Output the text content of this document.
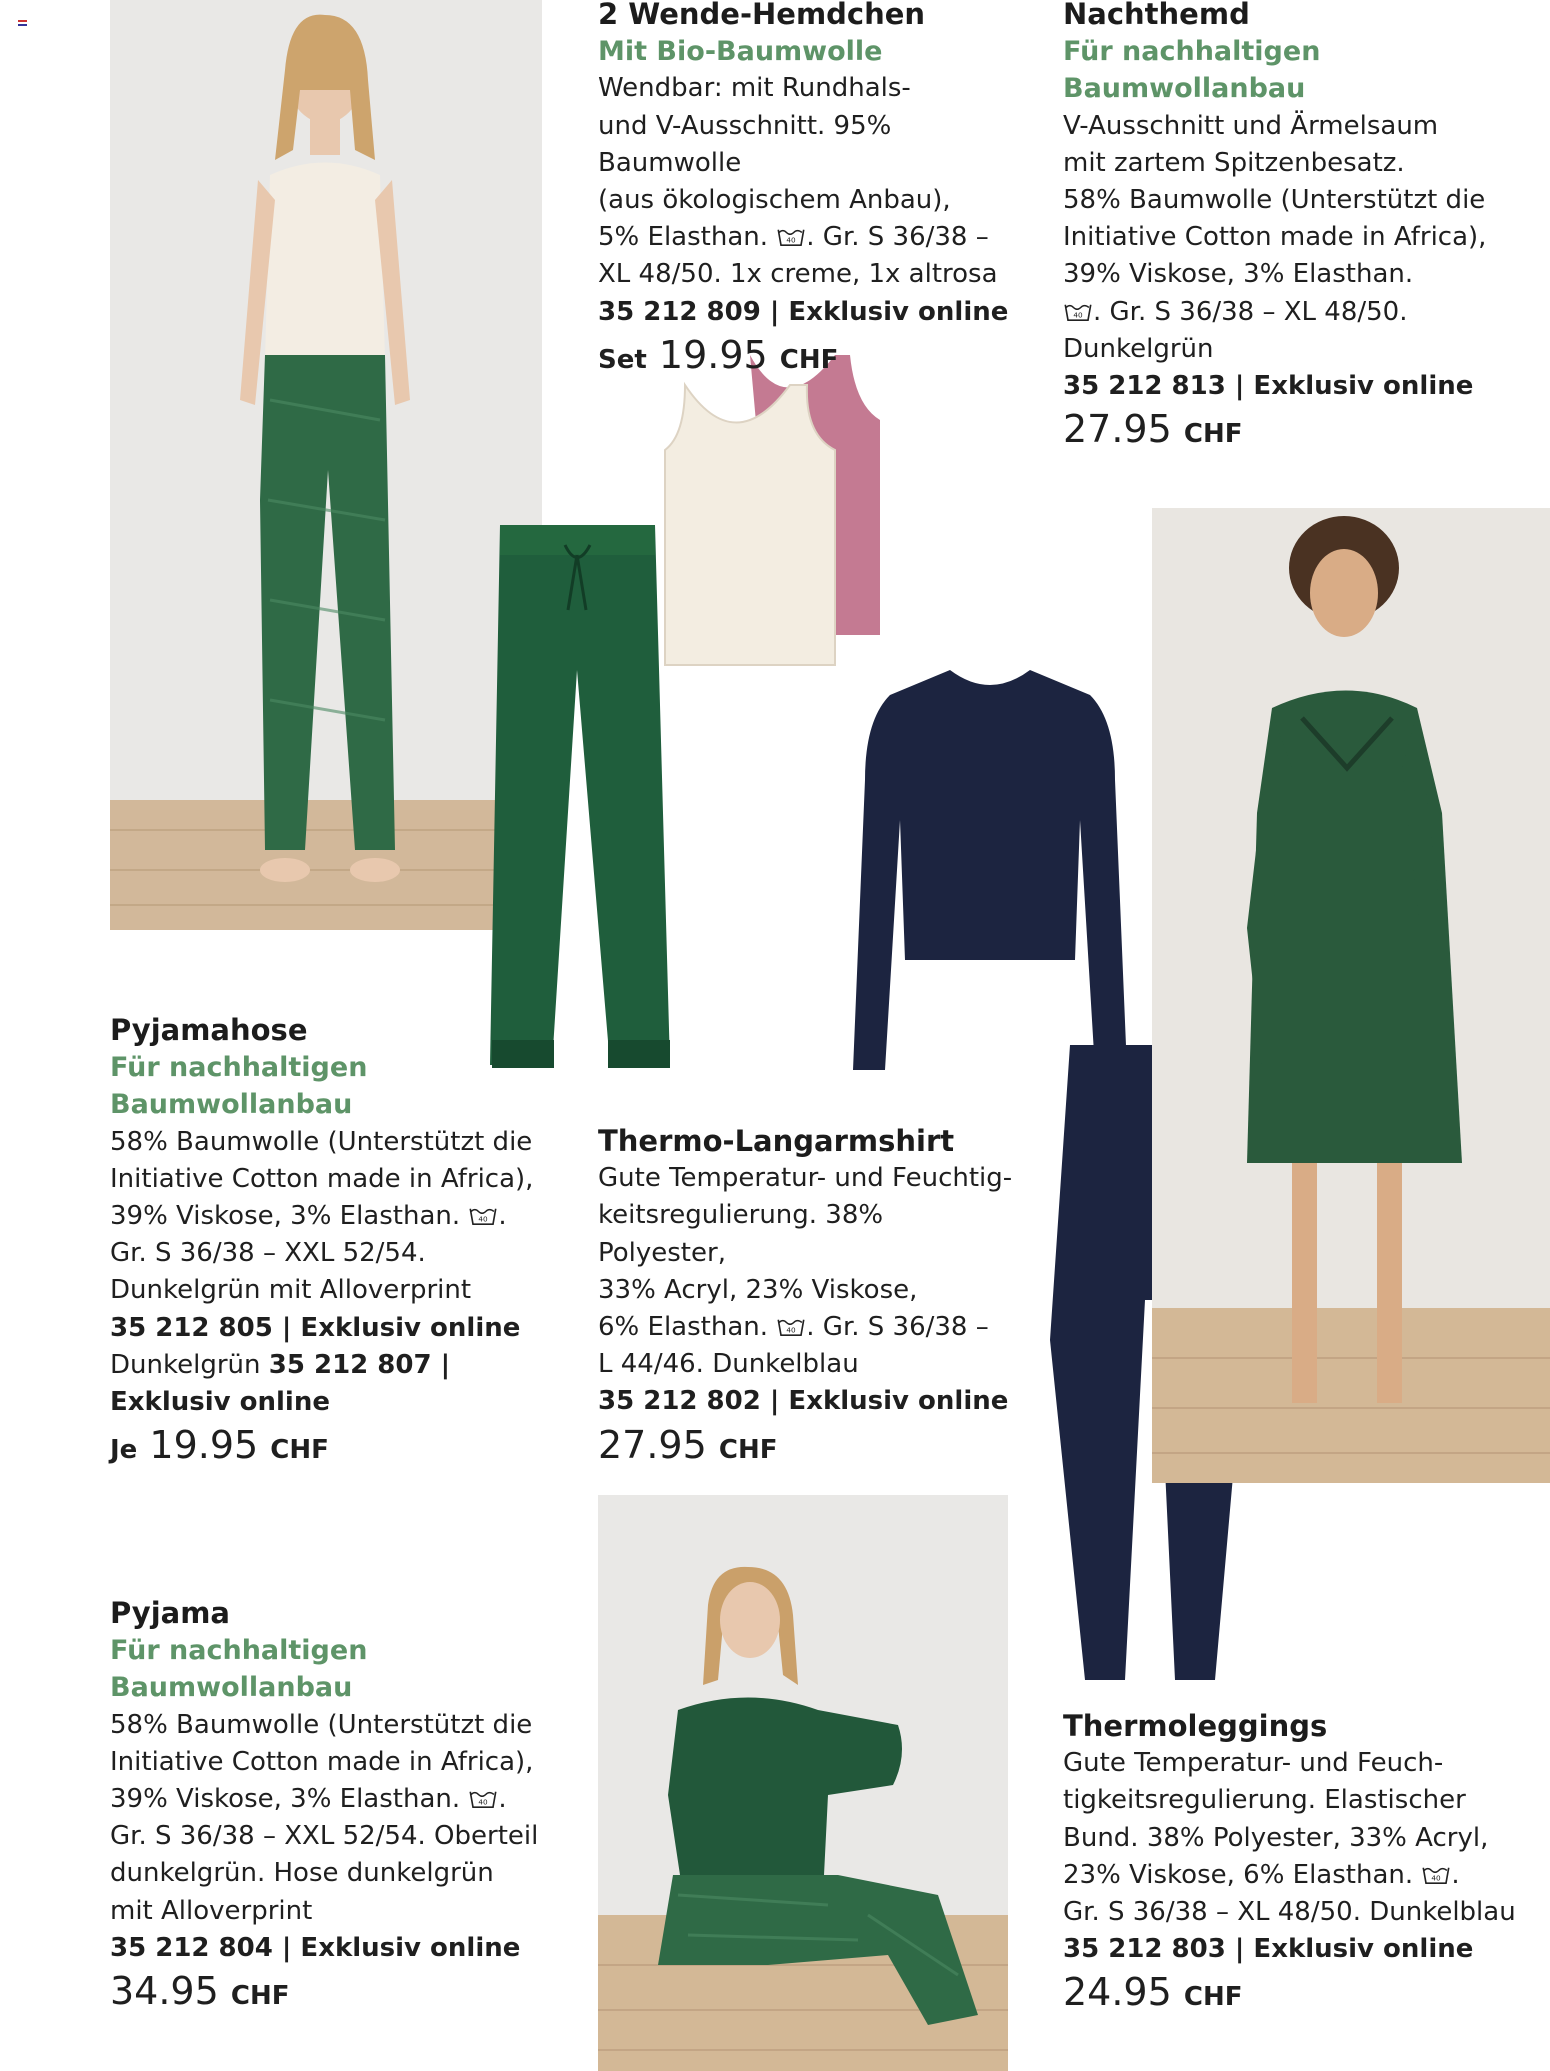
2 Wende-Hemdchen
Mit Bio-Baumwolle
Wendbar: mit Rundhals-
und V-Ausschnitt. 95% Baumwolle
(aus ökologischem Anbau),
5% Elasthan. . Gr. S 36/38 –
XL 48/50. 1x creme, 1x altrosa
35 212 809 | Exklusiv online
Set 19.95 CHF
Nachthemd
Für nachhaltigen
Baumwollanbau
V-Ausschnitt und Ärmelsaum
mit zartem Spitzenbesatz.
58% Baumwolle (Unterstützt die
Initiative Cotton made in Africa),
39% Viskose, 3% Elasthan.
. Gr. S 36/38 – XL 48/50.
Dunkelgrün
35 212 813 | Exklusiv online
27.95 CHF
Pyjamahose
Für nachhaltigen
Baumwollanbau
58% Baumwolle (Unterstützt die
Initiative Cotton made in Africa),
39% Viskose, 3% Elasthan. .
Gr. S 36/38 – XXL 52/54.
Dunkelgrün mit Alloverprint
35 212 805 | Exklusiv online
Dunkelgrün 35 212 807 |
Exklusiv online
Je 19.95 CHF
Thermo-Langarmshirt
Gute Temperatur- und Feuchtig-
keitsregulierung. 38% Polyester,
33% Acryl, 23% Viskose,
6% Elasthan. . Gr. S 36/38 –
L 44/46. Dunkelblau
35 212 802 | Exklusiv online
27.95 CHF
Pyjama
Für nachhaltigen
Baumwollanbau
58% Baumwolle (Unterstützt die
Initiative Cotton made in Africa),
39% Viskose, 3% Elasthan. .
Gr. S 36/38 – XXL 52/54. Oberteil
dunkelgrün. Hose dunkelgrün
mit Alloverprint
35 212 804 | Exklusiv online
34.95 CHF
Thermoleggings
Gute Temperatur- und Feuch-
tigkeitsregulierung. Elastischer
Bund. 38% Polyester, 33% Acryl,
23% Viskose, 6% Elasthan. .
Gr. S 36/38 – XL 48/50. Dunkelblau
35 212 803 | Exklusiv online
24.95 CHF
